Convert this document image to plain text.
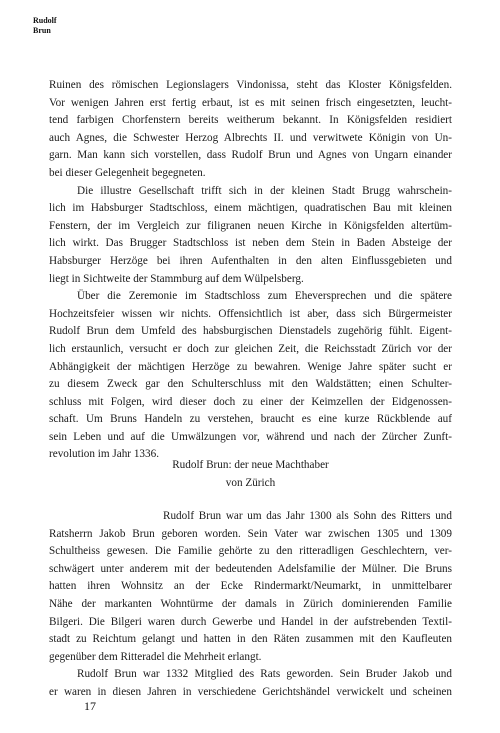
Rudolf
Brun
Ruinen des römischen Legionslagers Vindonissa, steht das Kloster Königsfelden.
Vor wenigen Jahren erst fertig erbaut, ist es mit seinen frisch eingesetzten, leucht-
tend farbigen Chorfenstern bereits weitherum bekannt. In Königsfelden residiert
auch Agnes, die Schwester Herzog Albrechts II. und verwitwete Königin von Un-
garn. Man kann sich vorstellen, dass Rudolf Brun und Agnes von Ungarn einander
bei dieser Gelegenheit begegneten.
Die illustre Gesellschaft trifft sich in der kleinen Stadt Brugg wahrschein-
lich im Habsburger Stadtschloss, einem mächtigen, quadratischen Bau mit kleinen
Fenstern, der im Vergleich zur filigranen neuen Kirche in Königsfelden altertüm-
lich wirkt. Das Brugger Stadtschloss ist neben dem Stein in Baden Absteige der
Habsburger Herzöge bei ihren Aufenthalten in den alten Einflussgebieten und
liegt in Sichtweite der Stammburg auf dem Wülpelsberg.
Über die Zeremonie im Stadtschloss zum Eheversprechen und die spätere
Hochzeitsfeier wissen wir nichts. Offensichtlich ist aber, dass sich Bürgermeister
Rudolf Brun dem Umfeld des habsburgischen Dienstadels zugehörig fühlt. Eigent-
lich erstaunlich, versucht er doch zur gleichen Zeit, die Reichsstadt Zürich vor der
Abhängigkeit der mächtigen Herzöge zu bewahren. Wenige Jahre später sucht er
zu diesem Zweck gar den Schulterschluss mit den Waldstätten; einen Schulter-
schluss mit Folgen, wird dieser doch zu einer der Keimzellen der Eidgenossen-
schaft. Um Bruns Handeln zu verstehen, braucht es eine kurze Rückblende auf
sein Leben und auf die Umwälzungen vor, während und nach der Zürcher Zunft-
revolution im Jahr 1336.
Rudolf Brun: der neue Machthaber
von Zürich
Rudolf Brun war um das Jahr 1300 als Sohn des Ritters und
Ratsherrn Jakob Brun geboren worden. Sein Vater war zwischen 1305 und 1309
Schultheiss gewesen. Die Familie gehörte zu den ritteradligen Geschlechtern, ver-
schwägert unter anderem mit der bedeutenden Adelsfamilie der Mülner. Die Bruns
hatten ihren Wohnsitz an der Ecke Rindermarkt/Neumarkt, in unmittelbarer
Nähe der markanten Wohntürme der damals in Zürich dominierenden Familie
Bilgeri. Die Bilgeri waren durch Gewerbe und Handel in der aufstrebenden Textil-
stadt zu Reichtum gelangt und hatten in den Räten zusammen mit den Kaufleuten
gegenüber dem Ritteradel die Mehrheit erlangt.
Rudolf Brun war 1332 Mitglied des Rats geworden. Sein Bruder Jakob und
er waren in diesen Jahren in verschiedene Gerichtshändel verwickelt und scheinen
17
